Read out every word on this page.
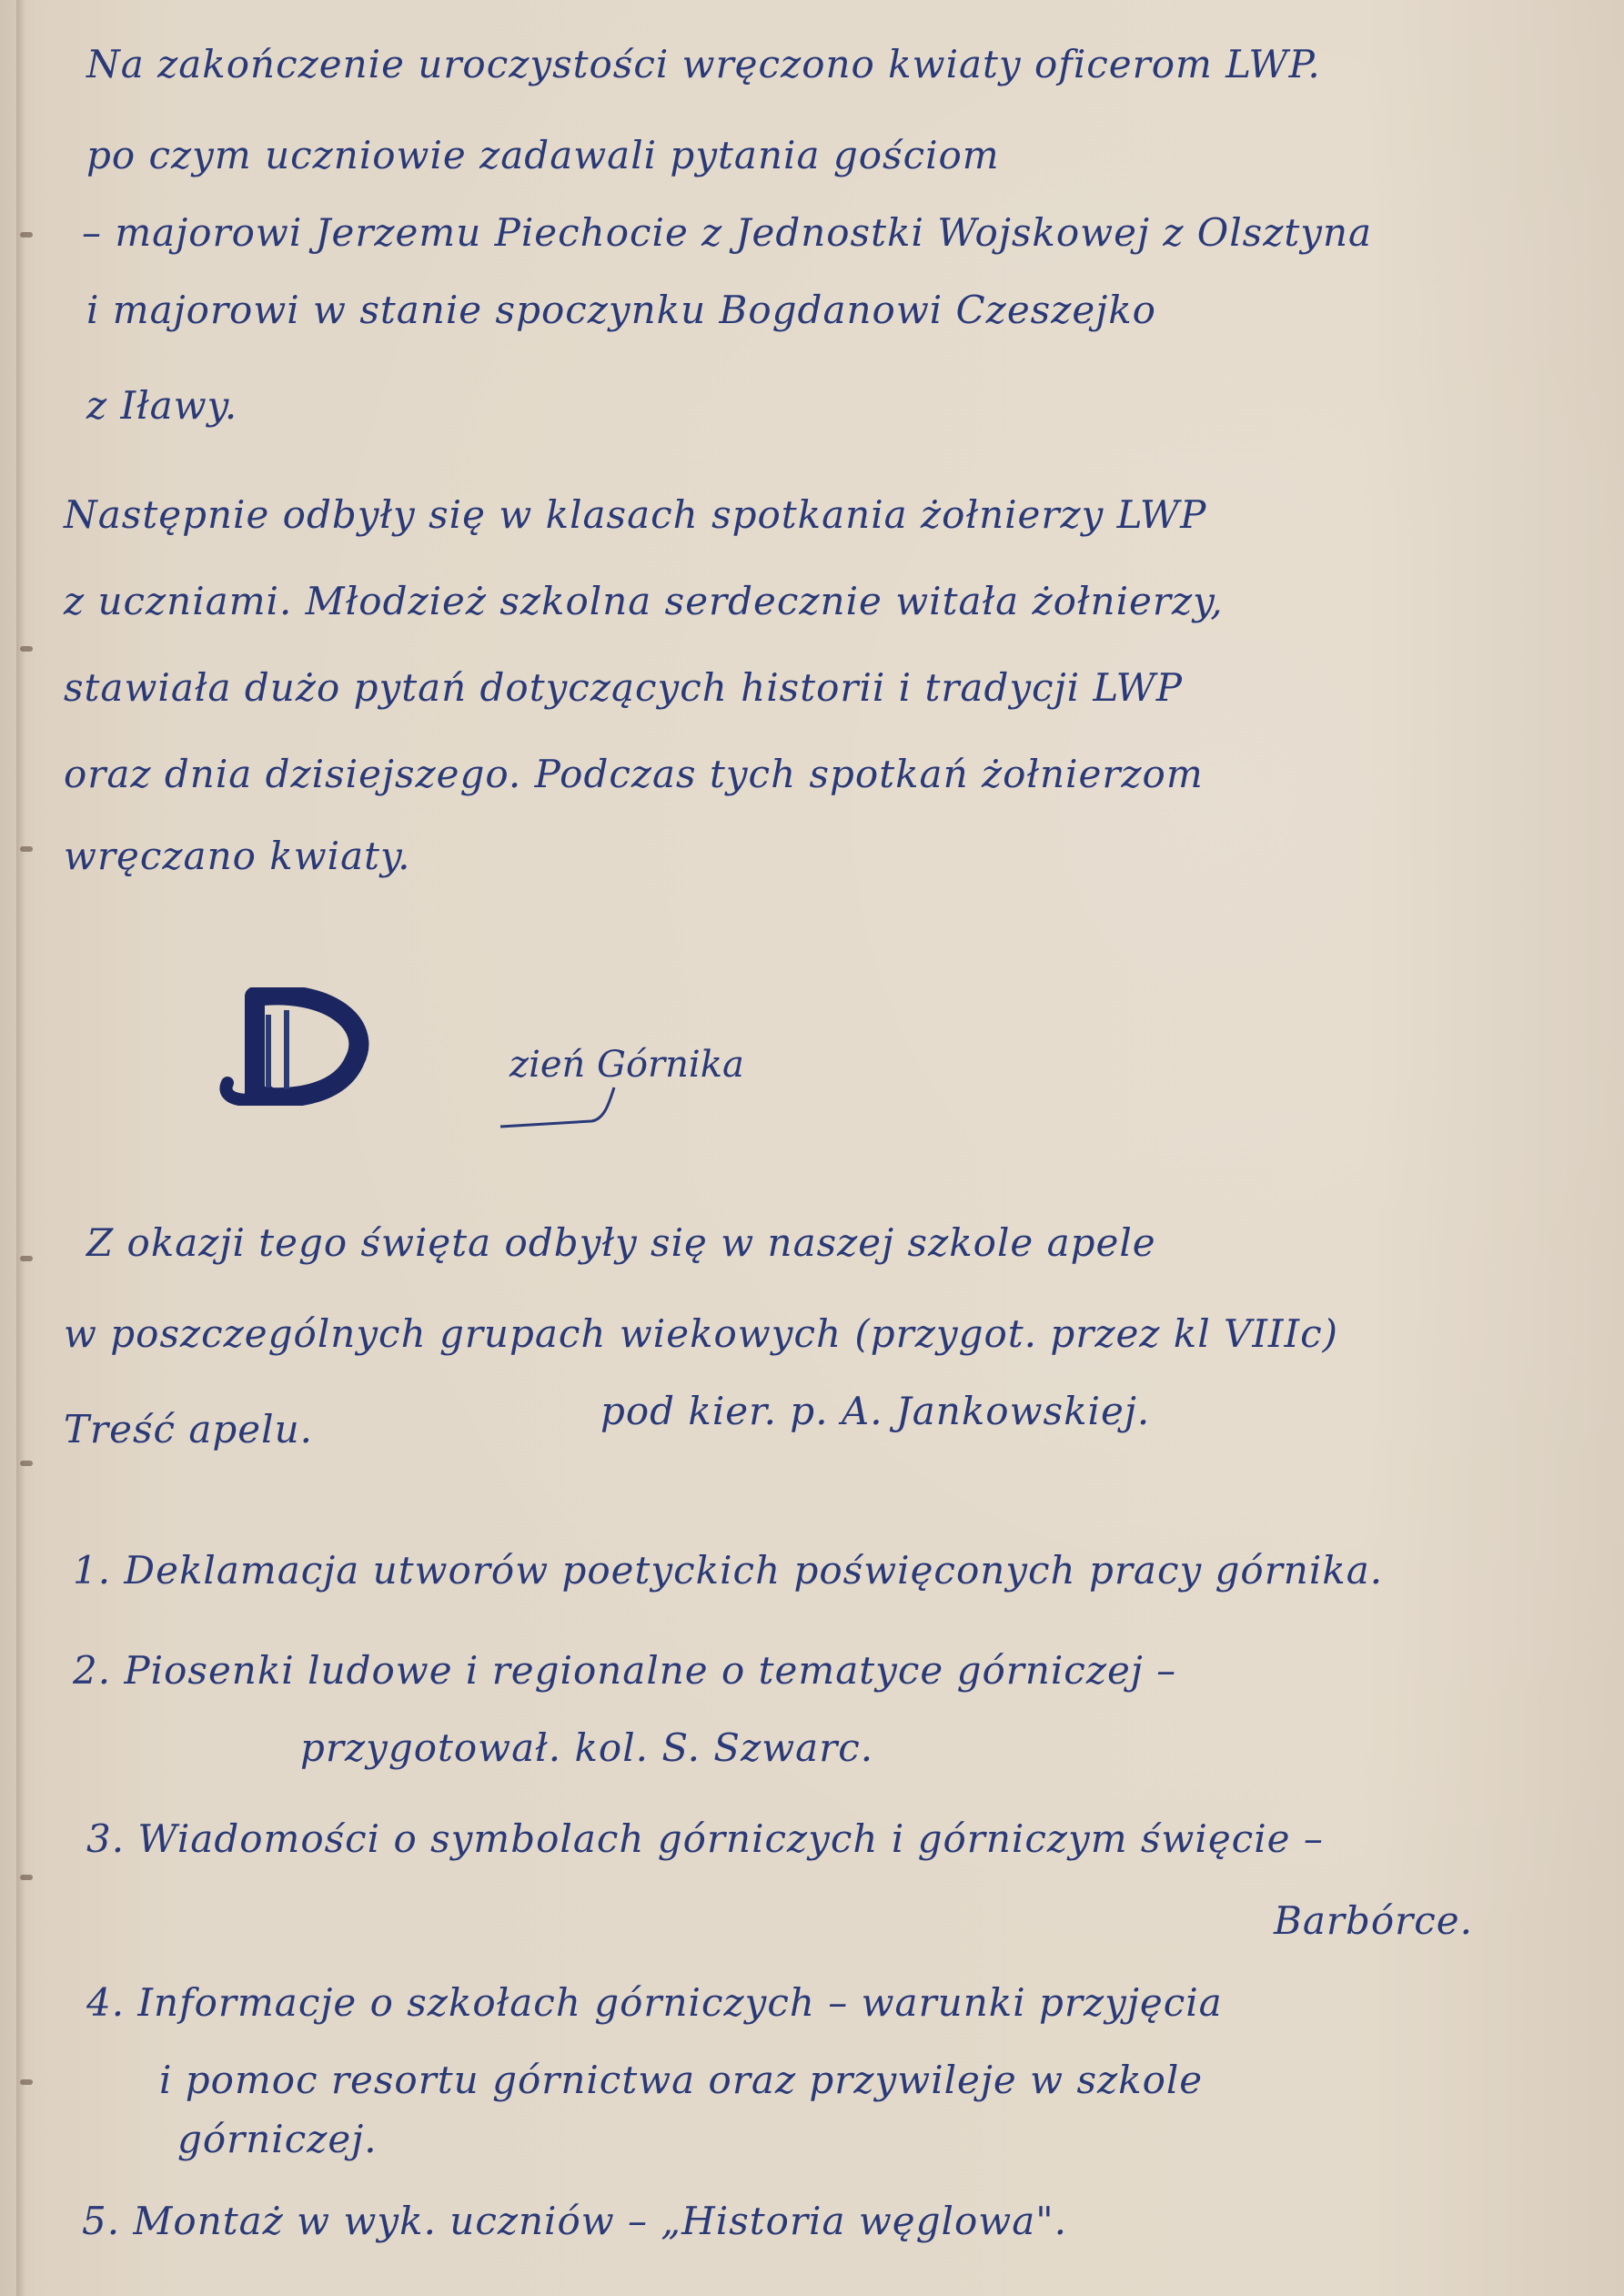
Na zakończenie uroczystości wręczono kwiaty oficerom LWP.
po czym uczniowie zadawali pytania gościom
– majorowi Jerzemu Piechocie z Jednostki Wojskowej z Olsztyna
i majorowi w stanie spoczynku Bogdanowi Czeszejko
z Iławy.
Następnie odbyły się w klasach spotkania żołnierzy LWP
z uczniami. Młodzież szkolna serdecznie witała żołnierzy,
stawiała dużo pytań dotyczących historii i tradycji LWP
oraz dnia dzisiejszego. Podczas tych spotkań żołnierzom
wręczano kwiaty.
zień Górnika
Z okazji tego święta odbyły się w naszej szkole apele
w poszczególnych grupach wiekowych (przygot. przez kl VIIIc)
pod kier. p. A. Jankowskiej.
Treść apelu.
1. Deklamacja utworów poetyckich poświęconych pracy górnika.
2. Piosenki ludowe i regionalne o tematyce górniczej –
przygotował. kol. S. Szwarc.
3. Wiadomości o symbolach górniczych i górniczym święcie –
Barbórce.
4. Informacje o szkołach górniczych – warunki przyjęcia
i pomoc resortu górnictwa oraz przywileje w szkole
górniczej.
5. Montaż w wyk. uczniów – „Historia węglowa".
